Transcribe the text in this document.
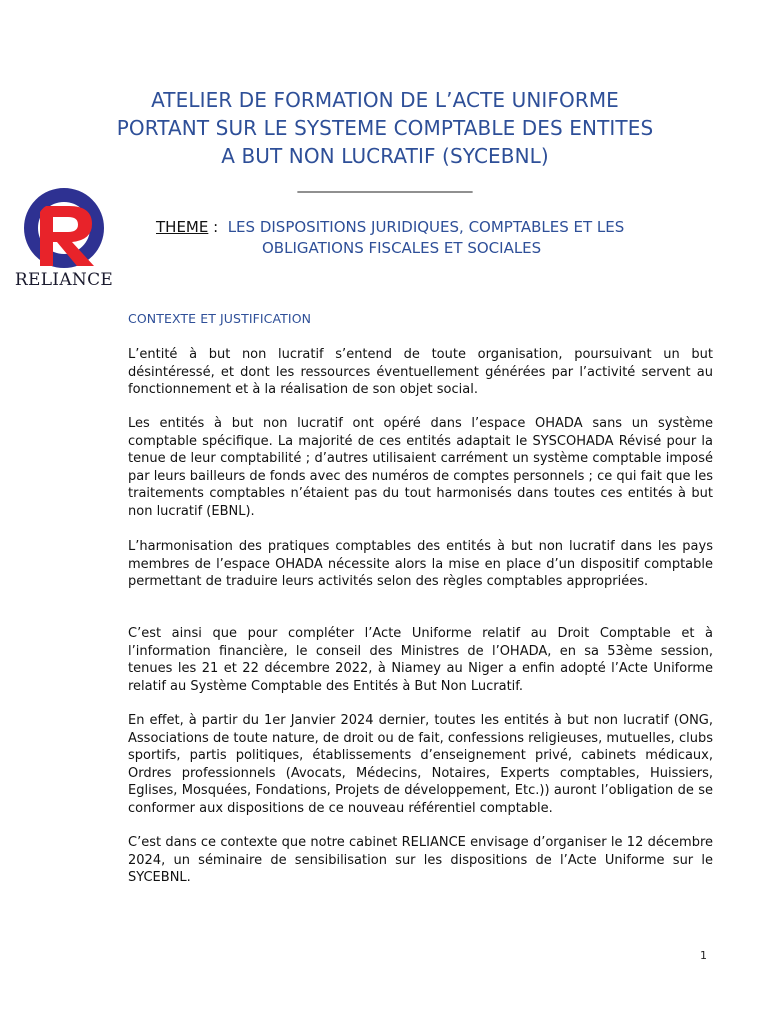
ATELIER DE FORMATION DE L’ACTE UNIFORME
PORTANT SUR LE SYSTEME COMPTABLE DES ENTITES
A BUT NON LUCRATIF (SYCEBNL)
_________________________
RELIANCE
THEME :  LES DISPOSITIONS JURIDIQUES, COMPTABLES ET LES
OBLIGATIONS FISCALES ET SOCIALES
CONTEXTE ET JUSTIFICATION

L’entité à but non lucratif s’entend de toute organisation, poursuivant un but désintéressé, et dont les ressources éventuellement générées par l’activité servent au fonctionnement et à la réalisation de son objet social.

Les entités à but non lucratif ont opéré dans l’espace OHADA sans un système comptable spécifique. La majorité de ces entités adaptait le SYSCOHADA Révisé pour la tenue de leur comptabilité ; d’autres utilisaient carrément un système comptable imposé par leurs bailleurs de fonds avec des numéros de comptes personnels ; ce qui fait que les traitements comptables n’étaient pas du tout harmonisés dans toutes ces entités à but non lucratif (EBNL).

L’harmonisation des pratiques comptables des entités à but non lucratif dans les pays membres de l’espace OHADA nécessite alors la mise en place d’un dispositif comptable permettant de traduire leurs activités selon des règles comptables appropriées.

C’est ainsi que pour compléter l’Acte Uniforme relatif au Droit Comptable et à l’information financière, le conseil des Ministres de l’OHADA, en sa 53ème session, tenues les 21 et 22 décembre 2022, à Niamey au Niger a enfin adopté l’Acte Uniforme relatif au Système Comptable des Entités à But Non Lucratif.

En effet, à partir du 1er Janvier 2024 dernier, toutes les entités à but non lucratif (ONG, Associations de toute nature, de droit ou de fait, confessions religieuses, mutuelles, clubs sportifs, partis politiques, établissements d’enseignement privé, cabinets médicaux, Ordres professionnels (Avocats, Médecins, Notaires, Experts comptables, Huissiers, Eglises, Mosquées, Fondations, Projets de développement, Etc.)) auront l’obligation de se conformer aux dispositions de ce nouveau référentiel comptable.

C’est dans ce contexte que notre cabinet RELIANCE envisage d’organiser le 12 décembre 2024, un séminaire de sensibilisation sur les dispositions de l’Acte Uniforme sur le SYCEBNL.

1
